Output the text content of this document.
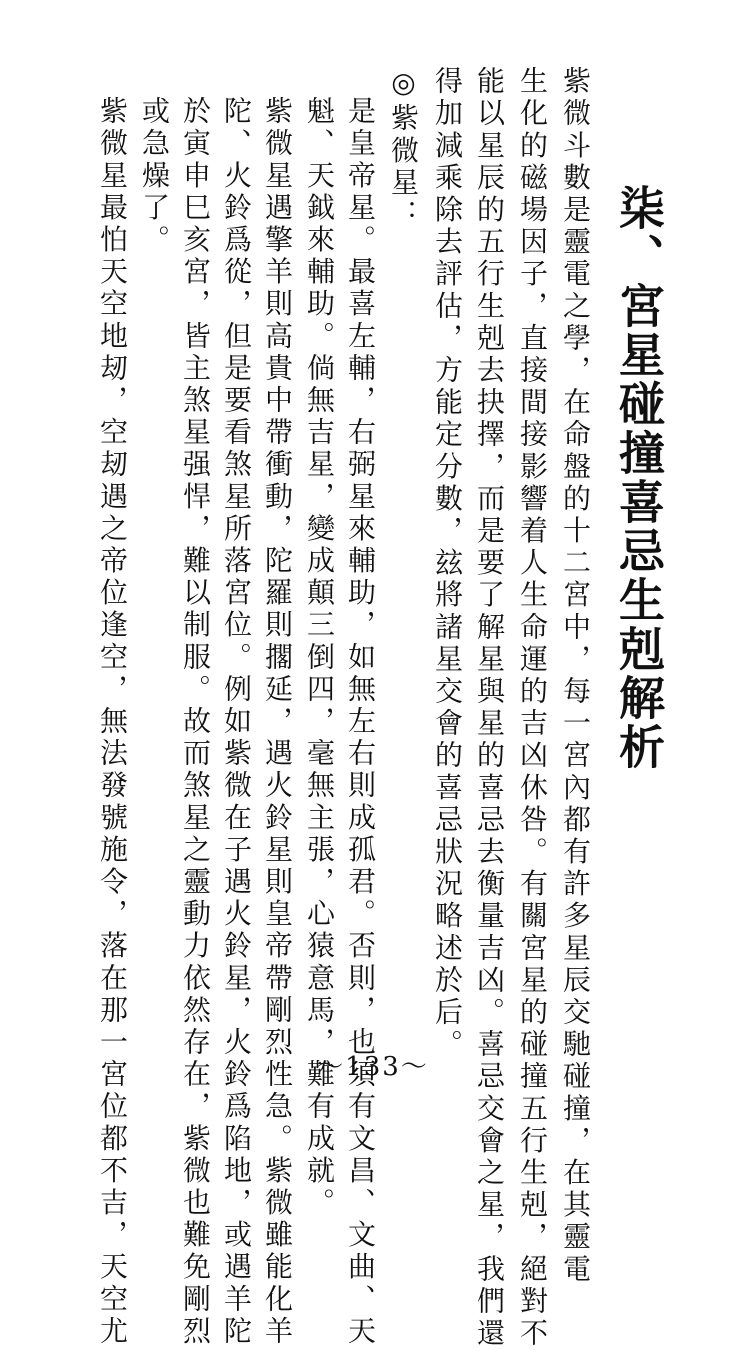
柒、宮星碰撞喜忌生剋解析
紫微斗數是靈電之學，在命盤的十二宮中，每一宮內都有許多星辰交馳碰撞，在其靈電
生化的磁場因子，直接間接影響着人生命運的吉凶休咎。有關宮星的碰撞五行生剋，絕對不
能以星辰的五行生剋去抉擇，而是要了解星與星的喜忌去衡量吉凶。喜忌交會之星，我們還
得加減乘除去評估，方能定分數，玆將諸星交會的喜忌狀況略述於后。
◎紫微星：
是皇帝星。最喜左輔，右弼星來輔助，如無左右則成孤君。否則，也須有文昌、文曲、天
魁、天鉞來輔助。倘無吉星，變成顛三倒四，毫無主張，心猿意馬，難有成就。
紫微星遇擎羊則高貴中帶衝動，陀羅則擱延，遇火鈴星則皇帝帶剛烈性急。紫微雖能化羊
陀、火鈴爲從，但是要看煞星所落宮位。例如紫微在子遇火鈴星，火鈴爲陷地，或遇羊陀
於寅申巳亥宮，皆主煞星强悍，難以制服。故而煞星之靈動力依然存在，紫微也難免剛烈
或急燥了。
紫微星最怕天空地刼，空刼遇之帝位逢空，無法發號施令，落在那一宮位都不吉，天空尤	～133～
